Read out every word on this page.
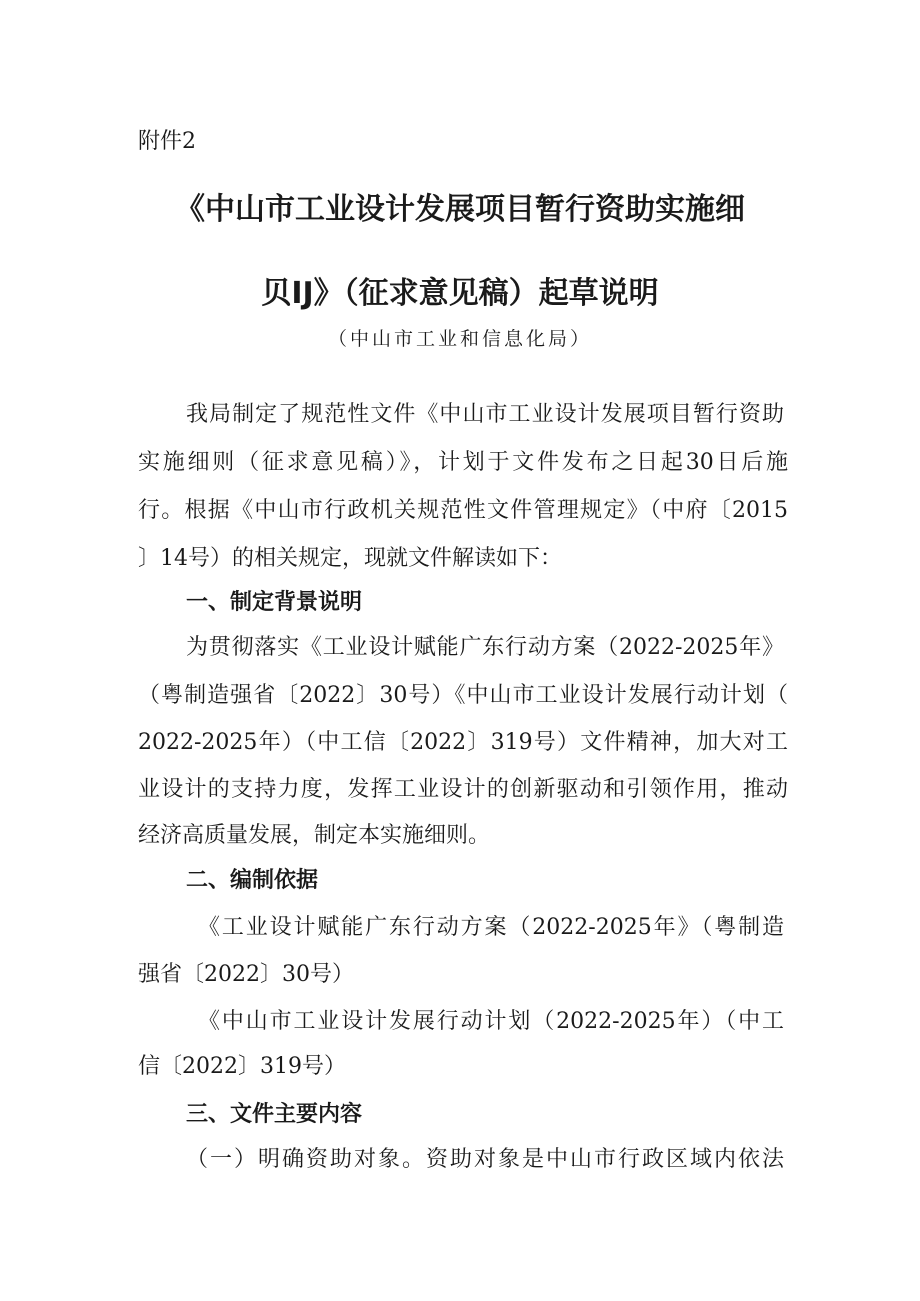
附件2
《中山市工业设计发展项目暂行资助实施细
贝IJ》（征求意见稿）起草说明
（中山市工业和信息化局）
我局制定了规范性文件《中山市工业设计发展项目暂行资助
实施细则（征求意见稿）》，计划于文件发布之日起30日后施
行。根据《中山市行政机关规范性文件管理规定》（中府〔2015
〕14号）的相关规定，现就文件解读如下：
一、制定背景说明
为贯彻落实《工业设计赋能广东行动方案（2022-2025年》
（粤制造强省〔2022〕30号）《中山市工业设计发展行动计划（
2022-2025年）（中工信〔2022〕319号）文件精神，加大对工
业设计的支持力度，发挥工业设计的创新驱动和引领作用，推动
经济高质量发展，制定本实施细则。
二、编制依据
《工业设计赋能广东行动方案（2022-2025年》（粤制造
强省〔2022〕30号）
《中山市工业设计发展行动计划（2022-2025年）（中工
信〔2022〕319号）
三、文件主要内容
（一）明确资助对象。资助对象是中山市行政区域内依法
